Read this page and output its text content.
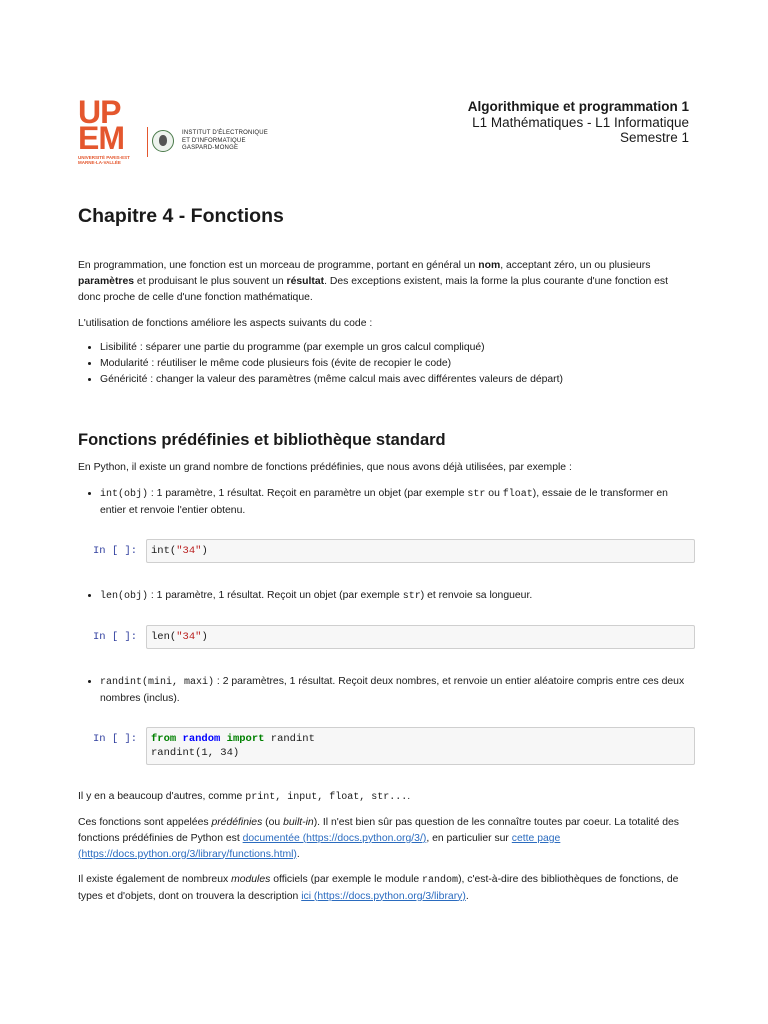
UP
EM
UNIVERSITÉ PARIS-EST MARNE-LA-VALLÉE
INSTITUT D'ÉLECTRONIQUE
ET D'INFORMATIQUE
GASPARD-MONGE
Algorithmique et programmation 1
L1 Mathématiques - L1 Informatique
Semestre 1
Chapitre 4 - Fonctions

En programmation, une fonction est un morceau de programme, portant en général un nom, acceptant zéro, un ou plusieurs paramètres et produisant le plus souvent un résultat. Des exceptions existent, mais la forme la plus courante d'une fonction est donc proche de celle d'une fonction mathématique.

L'utilisation de fonctions améliore les aspects suivants du code :

• Lisibilité : séparer une partie du programme (par exemple un gros calcul compliqué)
• Modularité : réutiliser le même code plusieurs fois (évite de recopier le code)
• Généricité : changer la valeur des paramètres (même calcul mais avec différentes valeurs de départ)
Fonctions prédéfinies et bibliothèque standard

En Python, il existe un grand nombre de fonctions prédéfinies, que nous avons déjà utilisées, par exemple :

• int(obj) : 1 paramètre, 1 résultat. Reçoit en paramètre un objet (par exemple str ou float), essaie de le transformer en entier et renvoie l'entier obtenu.
In [ ]:	int("34")
• len(obj) : 1 paramètre, 1 résultat. Reçoit un objet (par exemple str) et renvoie sa longueur.
In [ ]:	len("34")
• randint(mini, maxi) : 2 paramètres, 1 résultat. Reçoit deux nombres, et renvoie un entier aléatoire compris entre ces deux nombres (inclus).
In [ ]:	from random import randint
randint(1, 34)

Il y en a beaucoup d'autres, comme print, input, float, str....

Ces fonctions sont appelées prédéfinies (ou built-in). Il n'est bien sûr pas question de les connaître toutes par coeur. La totalité des fonctions prédéfinies de Python est documentée (https://docs.python.org/3/), en particulier sur cette page (https://docs.python.org/3/library/functions.html).

Il existe également de nombreux modules officiels (par exemple le module random), c'est-à-dire des bibliothèques de fonctions, de types et d'objets, dont on trouvera la description ici (https://docs.python.org/3/library).
